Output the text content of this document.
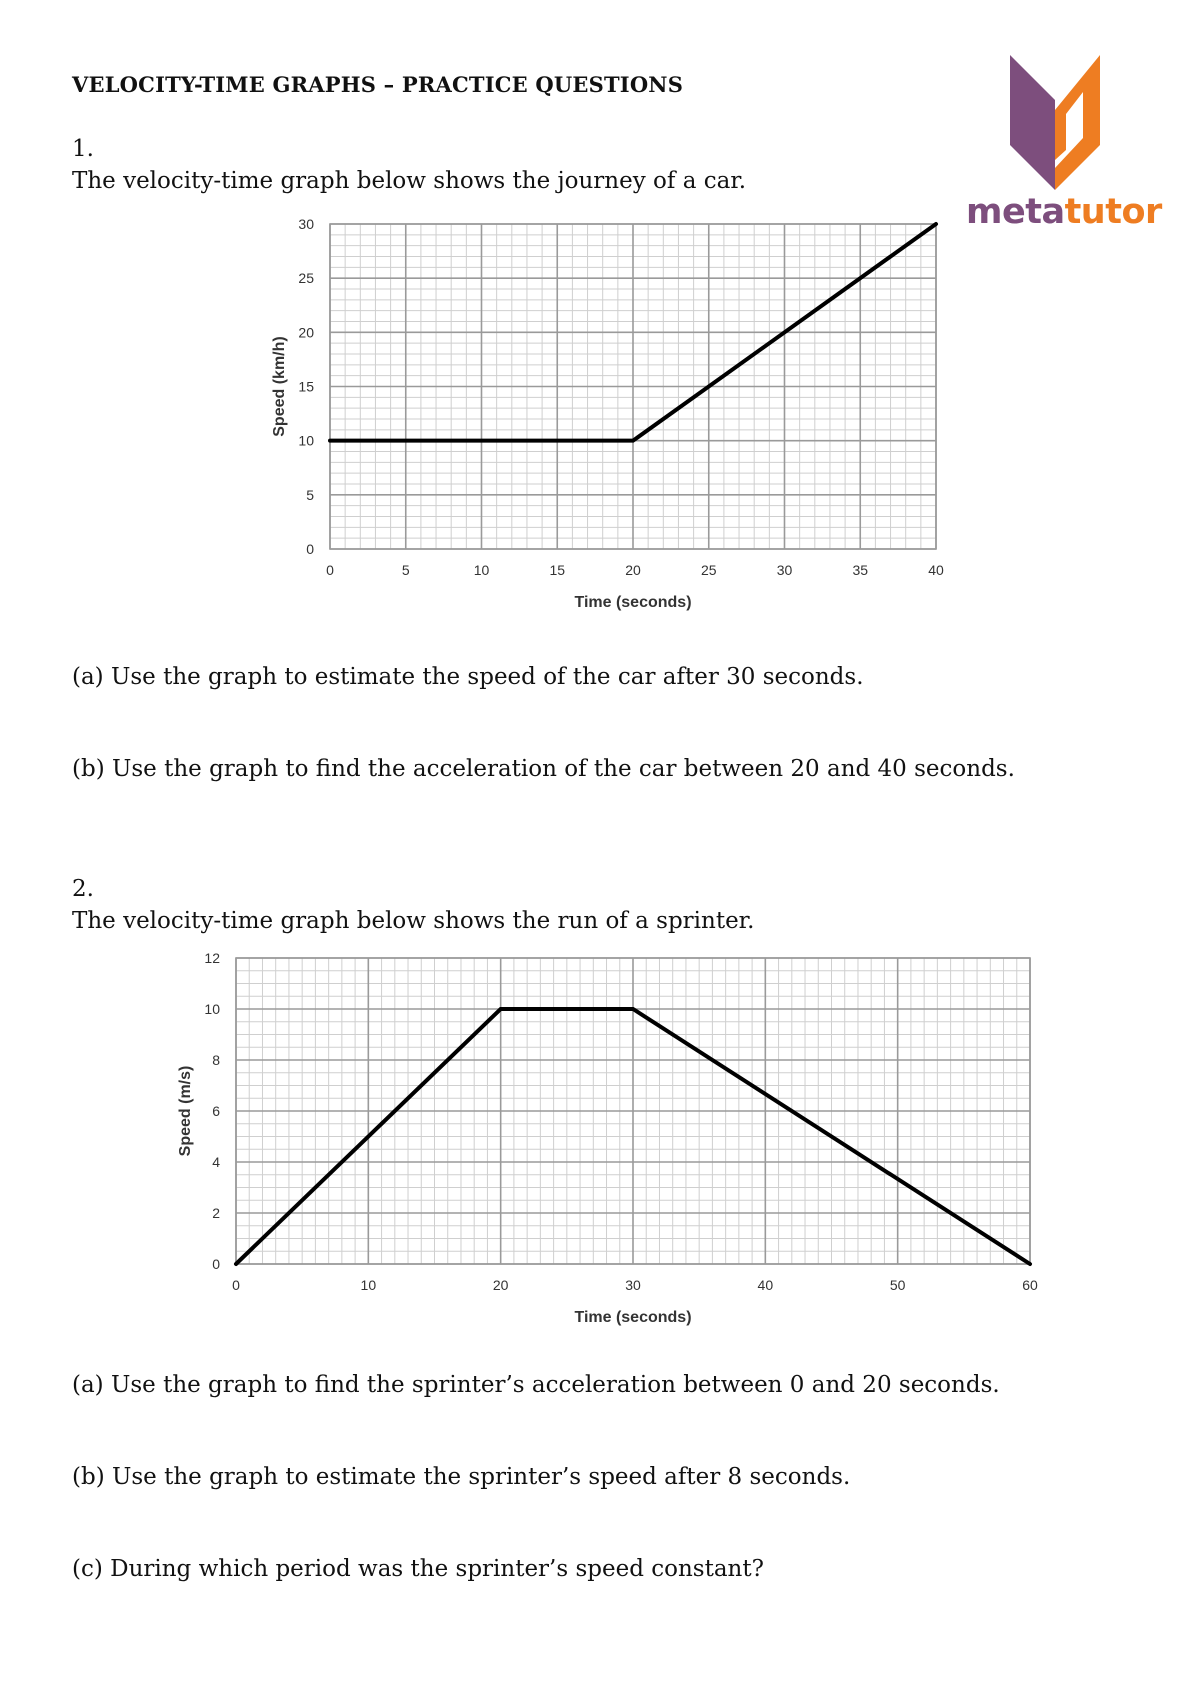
VELOCITY-TIME GRAPHS – PRACTICE QUESTIONS
metatutor
1.
The velocity-time graph below shows the journey of a car.
0	5	10	15	20	25	30	35	40
0
5
10
15
20
25
30
Time (seconds)
Speed (km/h)
(a) Use the graph to estimate the speed of the car after 30 seconds.
(b) Use the graph to find the acceleration of the car between 20 and 40 seconds.
2.
The velocity-time graph below shows the run of a sprinter.
0	10	20	30	40	50	60
0
2
4
6
8
10
12
Time (seconds)
Speed (m/s)
(a) Use the graph to find the sprinter’s acceleration between 0 and 20 seconds.
(b) Use the graph to estimate the sprinter’s speed after 8 seconds.
(c) During which period was the sprinter’s speed constant?
